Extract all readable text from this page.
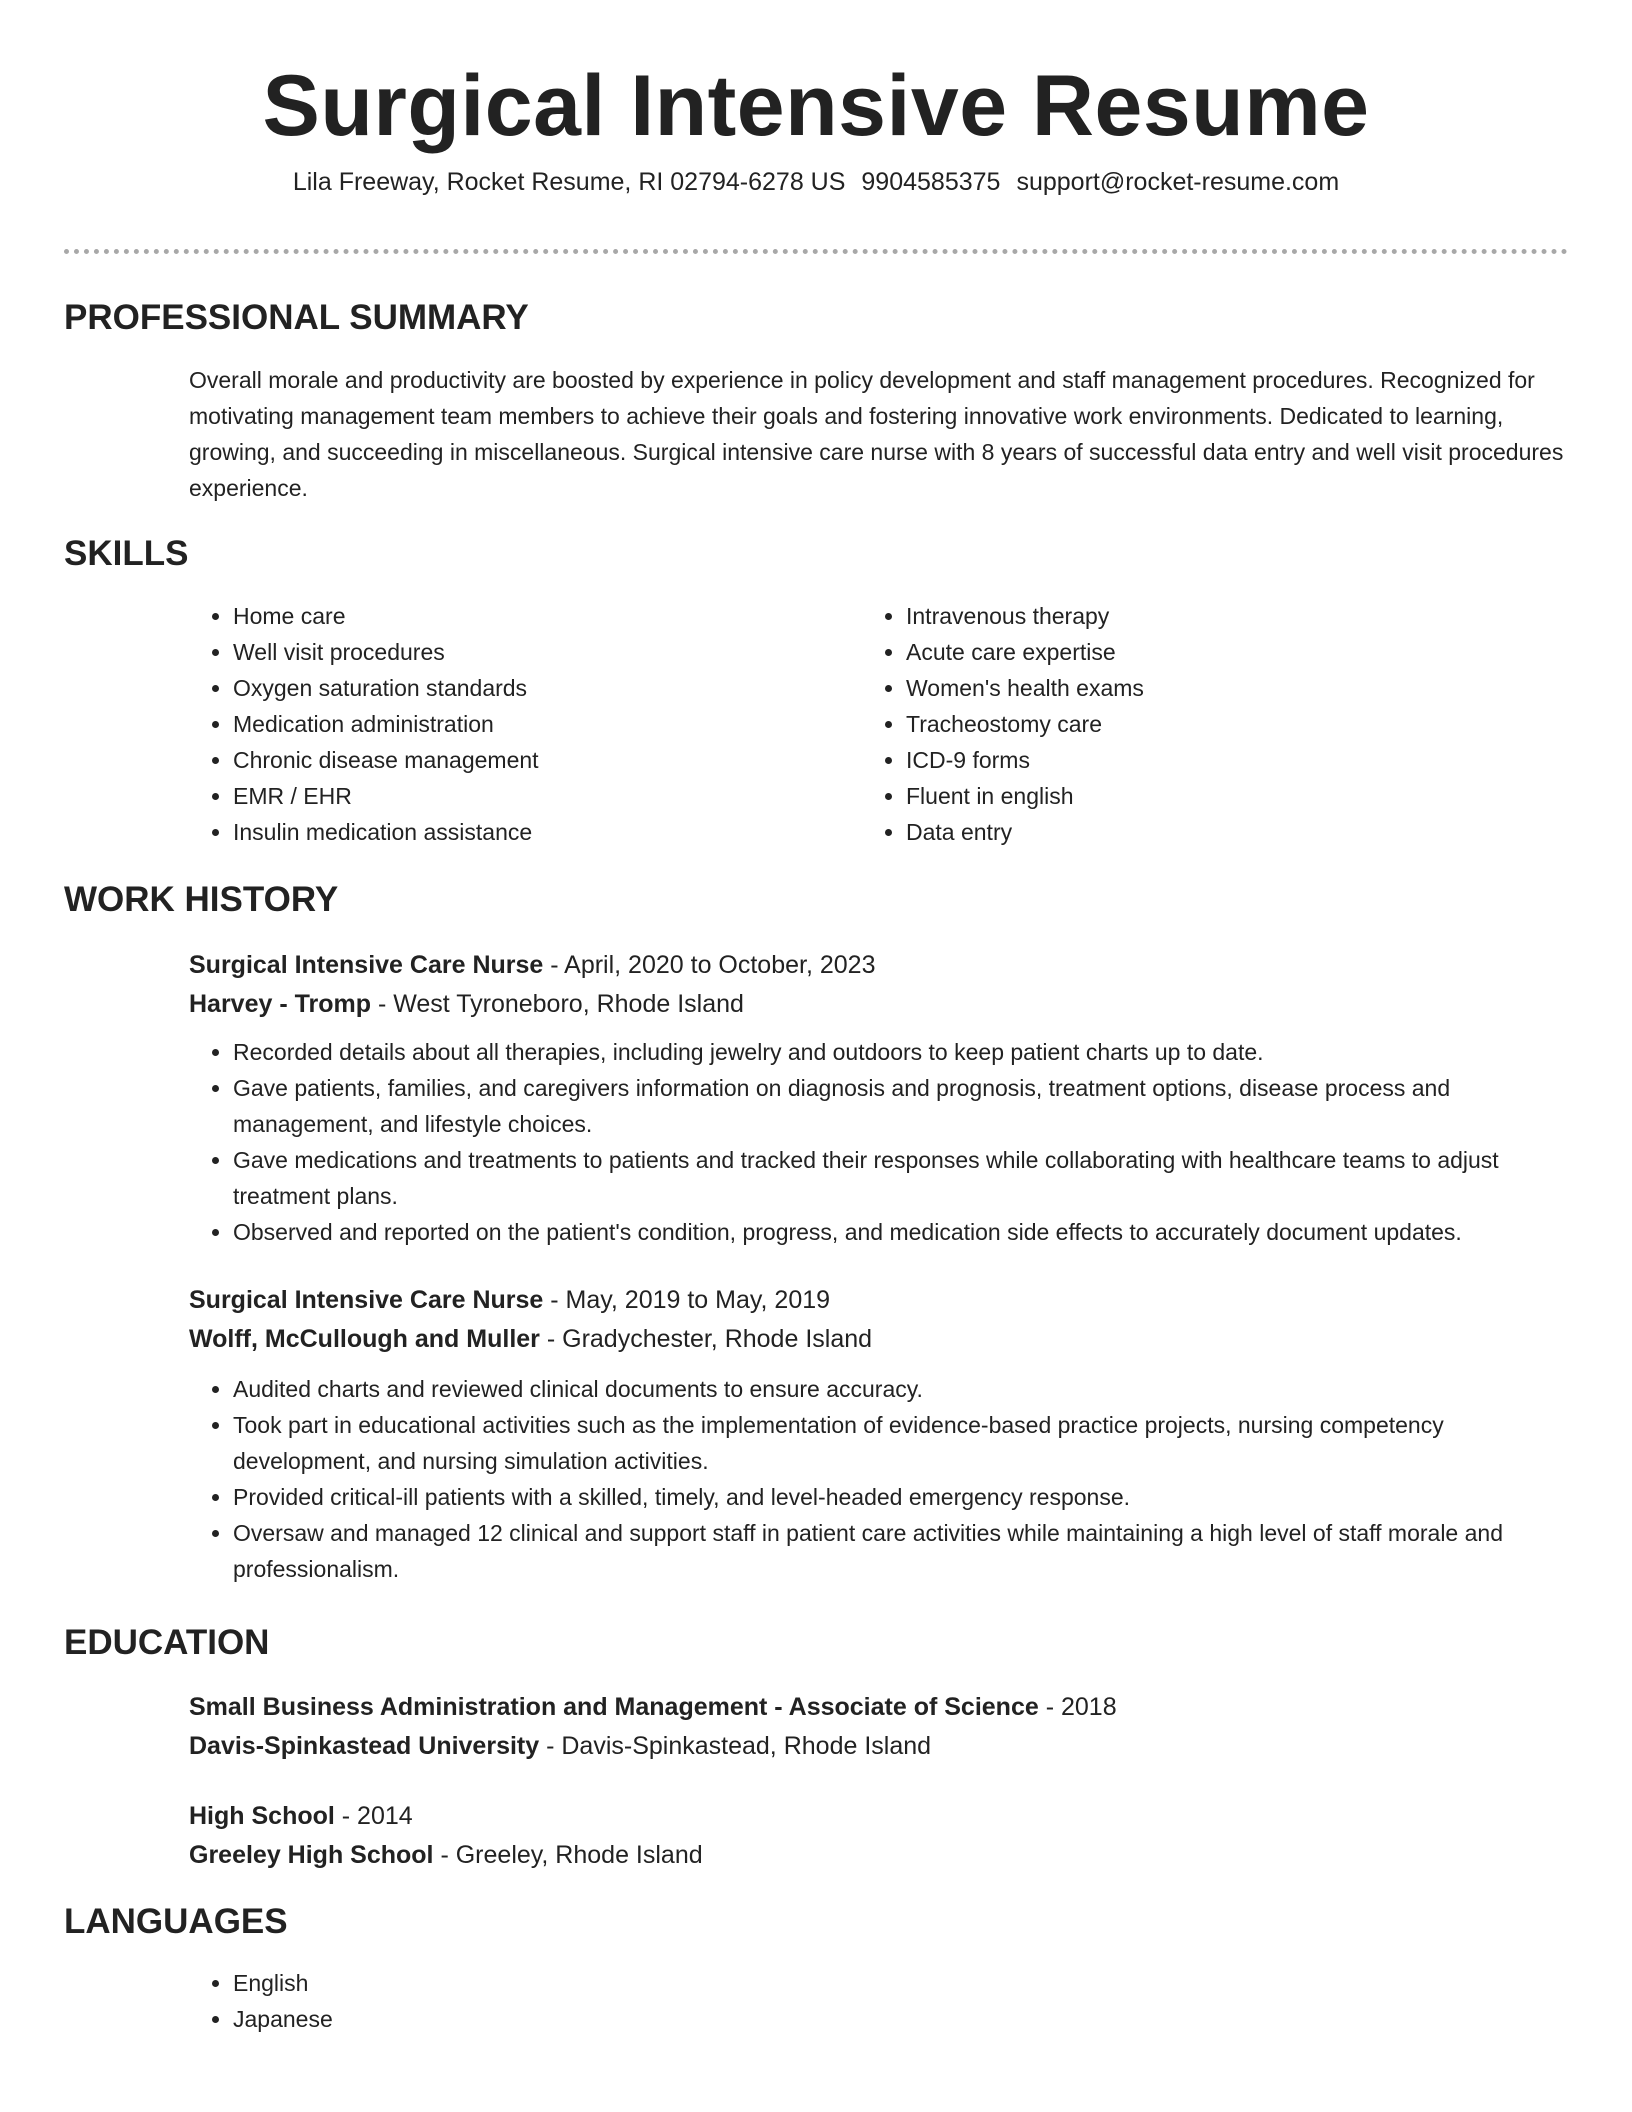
Surgical Intensive Resume
Lila Freeway, Rocket Resume, RI 02794-6278 US 9904585375 support@rocket-resume.com
PROFESSIONAL SUMMARY

Overall morale and productivity are boosted by experience in policy development and staff management procedures. Recognized for motivating management team members to achieve their goals and fostering innovative work environments. Dedicated to learning, growing, and succeeding in miscellaneous. Surgical intensive care nurse with 8 years of successful data entry and well visit procedures experience.

SKILLS
• Home care
• Well visit procedures
• Oxygen saturation standards
• Medication administration
• Chronic disease management
• EMR / EHR
• Insulin medication assistance
• Intravenous therapy
• Acute care expertise
• Women's health exams
• Tracheostomy care
• ICD-9 forms
• Fluent in english
• Data entry
WORK HISTORY

Surgical Intensive Care Nurse - April, 2020 to October, 2023

Harvey - Tromp - West Tyroneboro, Rhode Island

• Recorded details about all therapies, including jewelry and outdoors to keep patient charts up to date.
• Gave patients, families, and caregivers information on diagnosis and prognosis, treatment options, disease process and management, and lifestyle choices.
• Gave medications and treatments to patients and tracked their responses while collaborating with healthcare teams to adjust treatment plans.
• Observed and reported on the patient's condition, progress, and medication side effects to accurately document updates.

Surgical Intensive Care Nurse - May, 2019 to May, 2019

Wolff, McCullough and Muller - Gradychester, Rhode Island

• Audited charts and reviewed clinical documents to ensure accuracy.
• Took part in educational activities such as the implementation of evidence-based practice projects, nursing competency development, and nursing simulation activities.
• Provided critical-ill patients with a skilled, timely, and level-headed emergency response.
• Oversaw and managed 12 clinical and support staff in patient care activities while maintaining a high level of staff morale and professionalism.
EDUCATION

Small Business Administration and Management - Associate of Science - 2018

Davis-Spinkastead University - Davis-Spinkastead, Rhode Island

High School - 2014

Greeley High School - Greeley, Rhode Island

LANGUAGES
• English
• Japanese
